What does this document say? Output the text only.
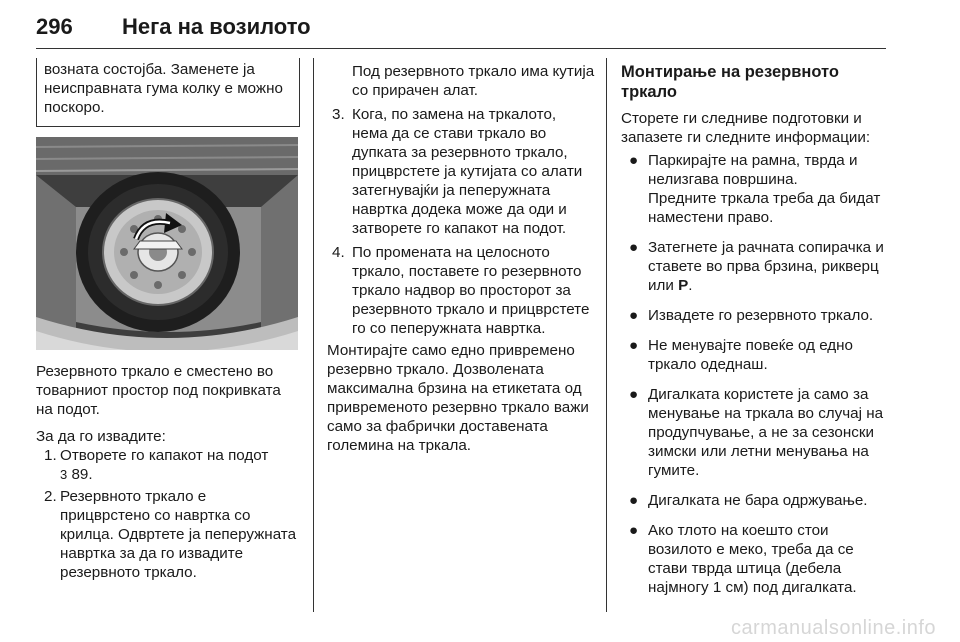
296 Нега на возилото

возната состојба. Заменете ја неисправната гума колку е можно поскоро.

Резервното тркало е сместено во товарниот простор под покривката на подот.

За да го извадите:

1. Отворете го капакот на подот
3 89.
2. Резервното тркало е прицврстено со навртка со крилца. Одвртете ја пеперужната навртка за да го извадите резервното тркало.

Под резервното тркало има кутија со прирачен алат.

3. Кога, по замена на тркалото, нема да се стави тркало во дупката за резервното тркало, прицврстете ја кутијата со алати затегнувајќи ја пеперужната навртка додека може да оди и затворете го капакот на подот.
4. По промената на целосното тркало, поставете го резервното тркало надвор во просторот за резервното тркало и прицврстете го со пеперужната навртка.

Монтирајте само едно привремено резервно тркало. Дозволената максимална брзина на етикетата од привременото резервно тркало важи само за фабрички доставената големина на тркала.

Монтирање на резервното тркало

Сторете ги следниве подготовки и запазете ги следните информации:

● Паркирајте на рамна, тврда и нелизгава површина.
Предните тркала треба да бидат наместени право.
● Затегнете ја рачната сопирачка и ставете во прва брзина, рикверц или P.
● Извадете го резервното тркало.
● Не менувајте повеќе од едно тркало одеднаш.
● Дигалката користете ја само за менување на тркала во случај на продупчување, а не за сезонски зимски или летни менувања на гумите.
● Дигалката не бара одржување.
● Ако тлото на коешто стои возилото е меко, треба да се стави тврда штица (дебела најмногу 1 см) под дигалката.
carmanualsonline.info
